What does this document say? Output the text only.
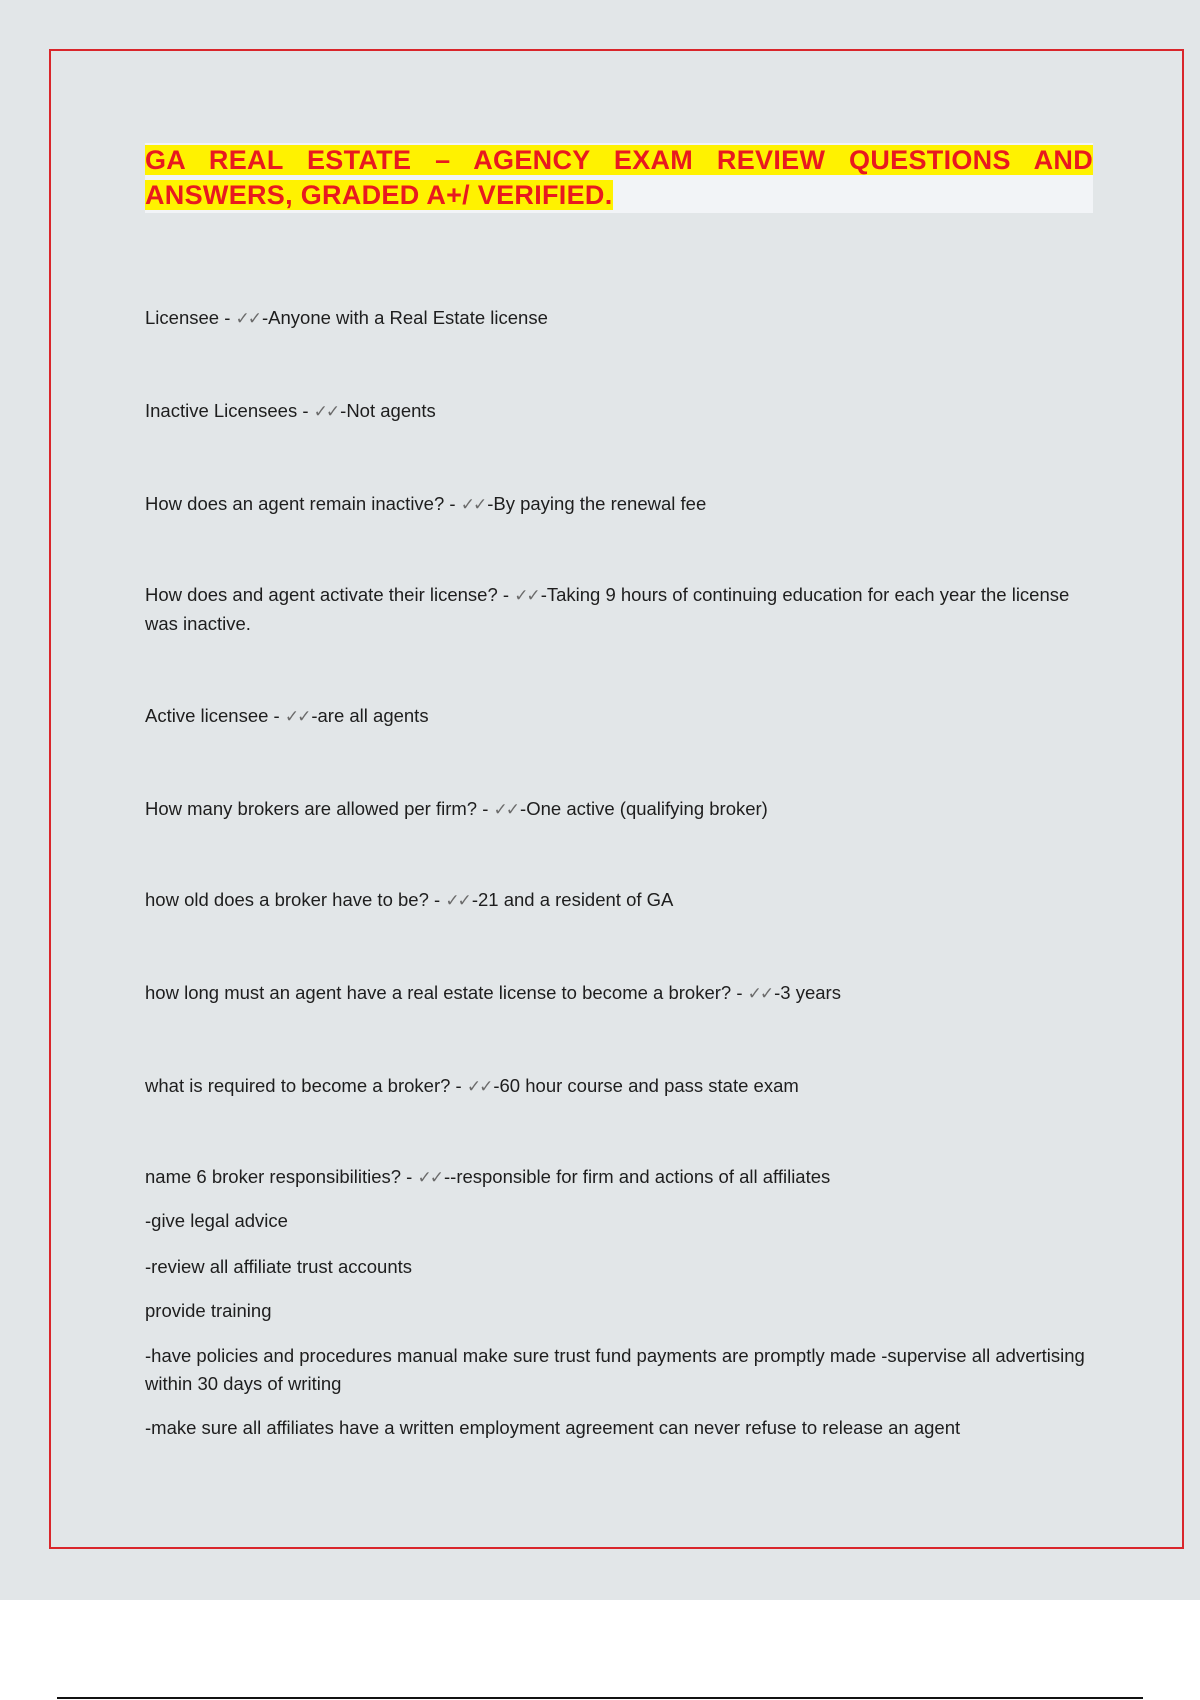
GA REAL ESTATE – AGENCY EXAM REVIEW QUESTIONS AND ANSWERS, GRADED A+/ VERIFIED.

Licensee - ✓✓ -Anyone with a Real Estate license

Inactive Licensees - ✓✓ -Not agents

How does an agent remain inactive? - ✓✓ -By paying the renewal fee

How does and agent activate their license? - ✓✓ -Taking 9 hours of continuing education for each year the license was inactive.

Active licensee - ✓✓ -are all agents

How many brokers are allowed per firm? - ✓✓ -One active (qualifying broker)

how old does a broker have to be? - ✓✓ -21 and a resident of GA

how long must an agent have a real estate license to become a broker? - ✓✓ -3 years

what is required to become a broker? - ✓✓ -60 hour course and pass state exam

name 6 broker responsibilities? - ✓✓ --responsible for firm and actions of all affiliates

-give legal advice

-review all affiliate trust accounts

provide training

-have policies and procedures manual make sure trust fund payments are promptly made -supervise all advertising within 30 days of writing

-make sure all affiliates have a written employment agreement can never refuse to release an agent
